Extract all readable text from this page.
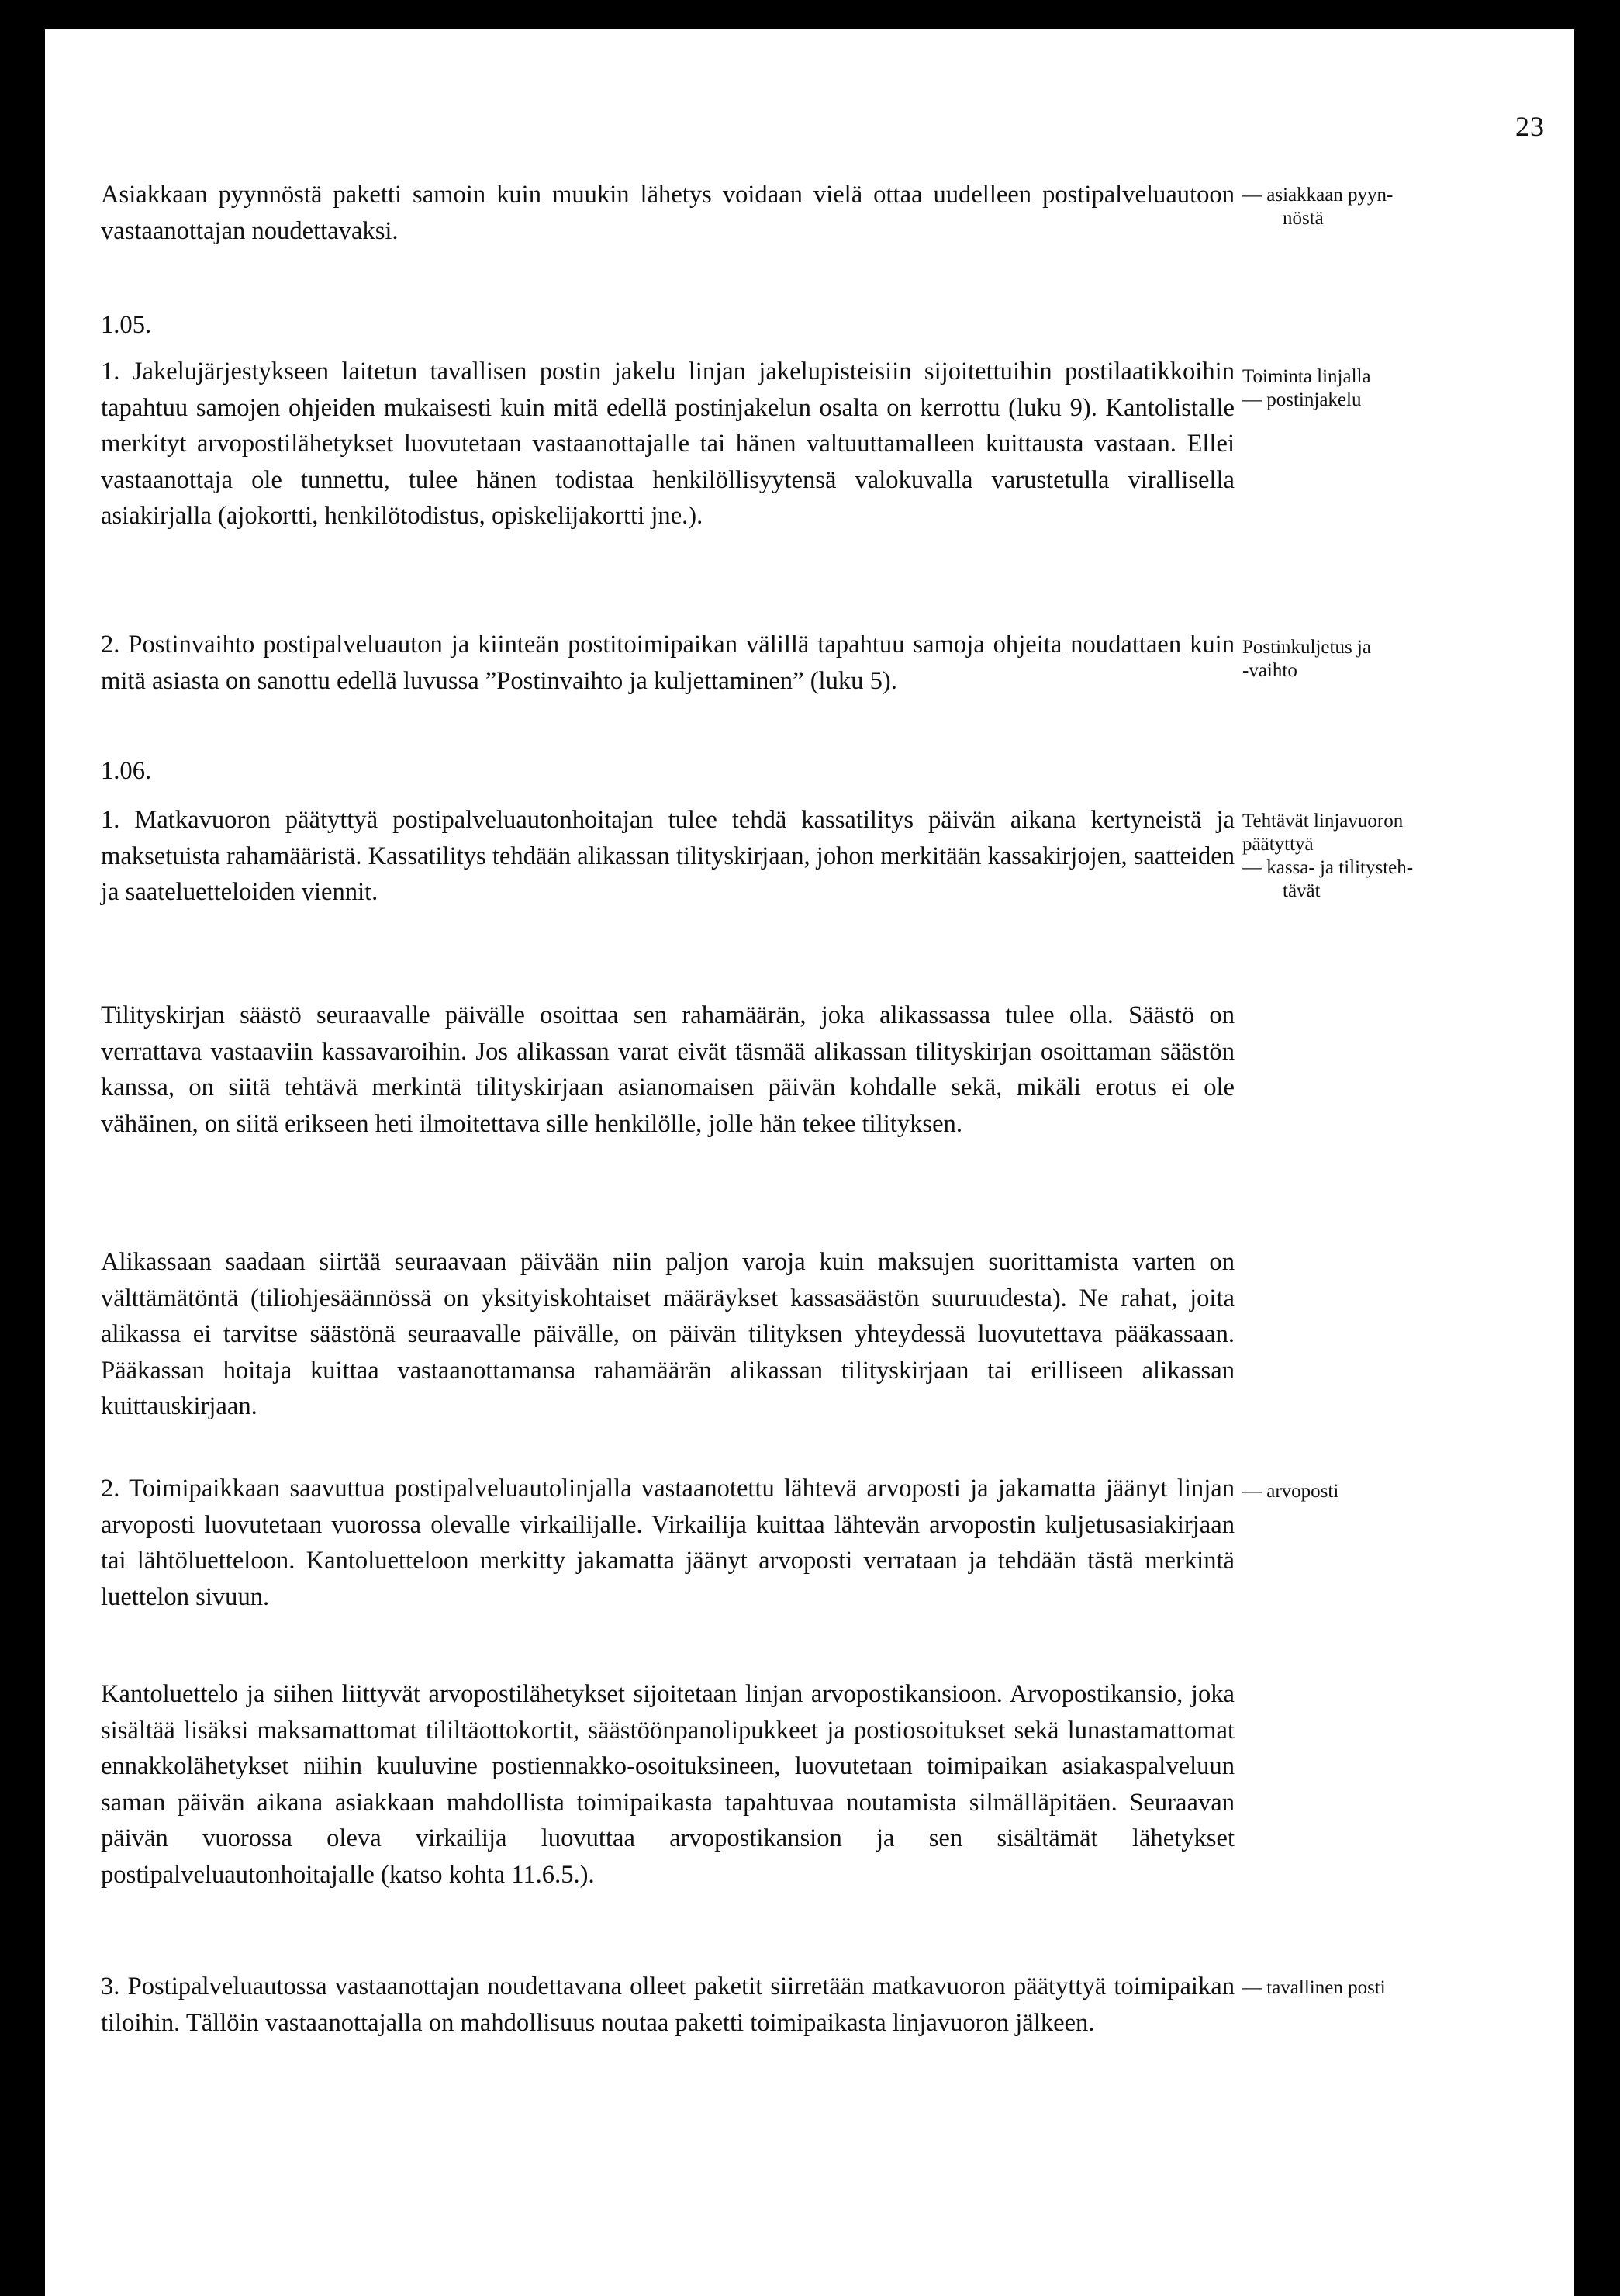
23

Asiakkaan pyynnöstä paketti samoin kuin muukin lähetys voidaan vielä ottaa uudelleen postipalveluautoon vastaanottajan noudettavaksi.

— asiakkaan pyyn-
nöstä
1.05.

1. Jakelujärjestykseen laitetun tavallisen postin jakelu linjan jakelupisteisiin sijoitettuihin postilaatikkoihin tapahtuu samojen ohjeiden mukaisesti kuin mitä edellä postinjakelun osalta on kerrottu (luku 9). Kantolistalle merkityt arvopostilähetykset luovutetaan vastaanottajalle tai hänen valtuuttamalleen kuittausta vastaan. Ellei vastaanottaja ole tunnettu, tulee hänen todistaa henkilöllisyytensä valokuvalla varustetulla virallisella asiakirjalla (ajokortti, henkilötodistus, opiskelijakortti jne.).

Toiminta linjalla
— postinjakelu

2. Postinvaihto postipalveluauton ja kiinteän postitoimipaikan välillä tapahtuu samoja ohjeita noudattaen kuin mitä asiasta on sanottu edellä luvussa ”Postinvaihto ja kuljettaminen” (luku 5).

Postinkuljetus ja
-vaihto
1.06.

1. Matkavuoron päätyttyä postipalveluautonhoitajan tulee tehdä kassatilitys päivän aikana kertyneistä ja maksetuista rahamääristä. Kassatilitys tehdään alikassan tilityskirjaan, johon merkitään kassakirjojen, saatteiden ja saateluetteloiden viennit.

Tehtävät linjavuoron
päätyttyä
— kassa- ja tilitysteh-
tävät

Tilityskirjan säästö seuraavalle päivälle osoittaa sen rahamäärän, joka alikassassa tulee olla. Säästö on verrattava vastaaviin kassavaroihin. Jos alikassan varat eivät täsmää alikassan tilityskirjan osoittaman säästön kanssa, on siitä tehtävä merkintä tilityskirjaan asianomaisen päivän kohdalle sekä, mikäli erotus ei ole vähäinen, on siitä erikseen heti ilmoitettava sille henkilölle, jolle hän tekee tilityksen.

Alikassaan saadaan siirtää seuraavaan päivään niin paljon varoja kuin maksujen suorittamista varten on välttämätöntä (tiliohjesäännössä on yksityiskohtaiset määräykset kassasäästön suuruudesta). Ne rahat, joita alikassa ei tarvitse säästönä seuraavalle päivälle, on päivän tilityksen yhteydessä luovutettava pääkassaan. Pääkassan hoitaja kuittaa vastaanottamansa rahamäärän alikassan tilityskirjaan tai erilliseen alikassan kuittauskirjaan.

2. Toimipaikkaan saavuttua postipalveluautolinjalla vastaanotettu lähtevä arvoposti ja jakamatta jäänyt linjan arvoposti luovutetaan vuorossa olevalle virkailijalle. Virkailija kuittaa lähtevän arvopostin kuljetusasiakirjaan tai lähtöluetteloon. Kantoluetteloon merkitty jakamatta jäänyt arvoposti verrataan ja tehdään tästä merkintä luettelon sivuun.

— arvoposti

Kantoluettelo ja siihen liittyvät arvopostilähetykset sijoitetaan linjan arvopostikansioon. Arvopostikansio, joka sisältää lisäksi maksamattomat tililtäottokortit, säästöönpanolipukkeet ja postiosoitukset sekä lunastamattomat ennakkolähetykset niihin kuuluvine postiennakko-osoituksineen, luovutetaan toimipaikan asiakaspalveluun saman päivän aikana asiakkaan mahdollista toimipaikasta tapahtuvaa noutamista silmälläpitäen. Seuraavan päivän vuorossa oleva virkailija luovuttaa arvopostikansion ja sen sisältämät lähetykset postipalveluautonhoitajalle (katso kohta 11.6.5.).

3. Postipalveluautossa vastaanottajan noudettavana olleet paketit siirretään matkavuoron päätyttyä toimipaikan tiloihin. Tällöin vastaanottajalla on mahdollisuus noutaa paketti toimipaikasta linjavuoron jälkeen.

— tavallinen posti
